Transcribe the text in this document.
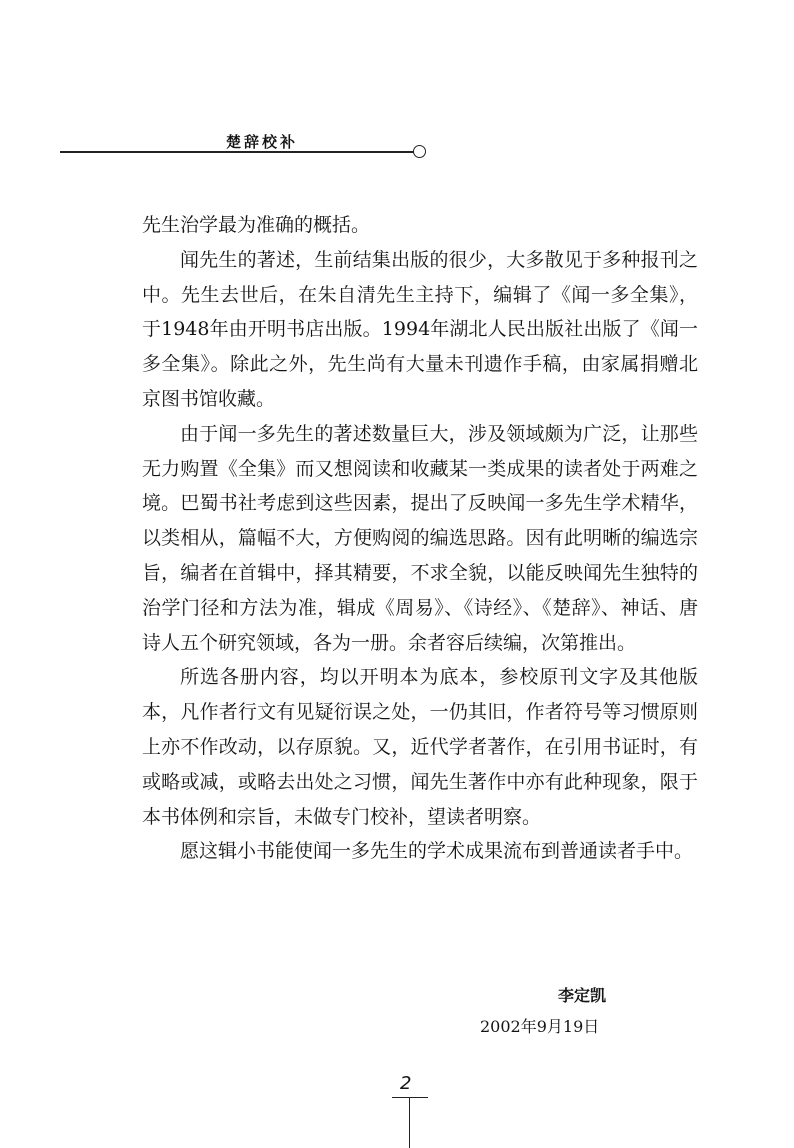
楚辞校补

先生治学最为准确的概括。

闻先生的著述，生前结集出版的很少，大多散见于多种报刊之中。先生去世后，在朱自清先生主持下，编辑了《闻一多全集》，于1948年由开明书店出版。1994年湖北人民出版社出版了《闻一多全集》。除此之外，先生尚有大量未刊遗作手稿，由家属捐赠北京图书馆收藏。

由于闻一多先生的著述数量巨大，涉及领域颇为广泛，让那些无力购置《全集》而又想阅读和收藏某一类成果的读者处于两难之境。巴蜀书社考虑到这些因素，提出了反映闻一多先生学术精华，以类相从，篇幅不大，方便购阅的编选思路。因有此明晰的编选宗旨，编者在首辑中，择其精要，不求全貌，以能反映闻先生独特的治学门径和方法为准，辑成《周易》、《诗经》、《楚辞》、神话、唐诗人五个研究领域，各为一册。余者容后续编，次第推出。

所选各册内容，均以开明本为底本，参校原刊文字及其他版本，凡作者行文有见疑衍误之处，一仍其旧，作者符号等习惯原则上亦不作改动，以存原貌。又，近代学者著作，在引用书证时，有或略或减，或略去出处之习惯，闻先生著作中亦有此种现象，限于本书体例和宗旨，未做专门校补，望读者明察。

愿这辑小书能使闻一多先生的学术成果流布到普通读者手中。

李定凯
2002年9月19日
2
